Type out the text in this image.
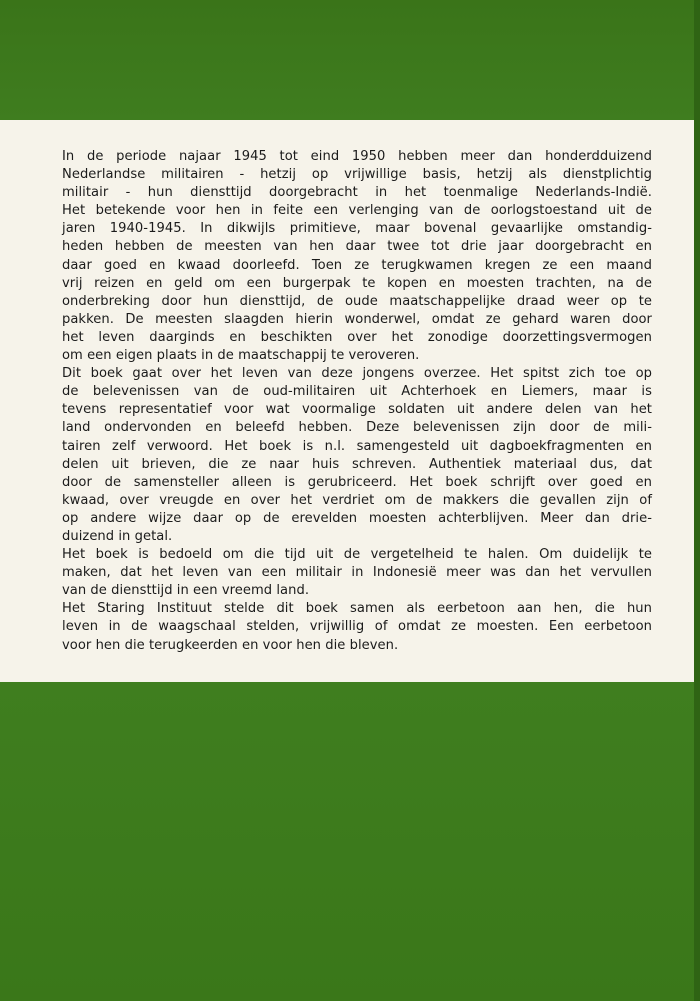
In de periode najaar 1945 tot eind 1950 hebben meer dan honderdduizend
Nederlandse militairen - hetzij op vrijwillige basis, hetzij als dienstplichtig
militair - hun diensttijd doorgebracht in het toenmalige Nederlands-Indië.
Het betekende voor hen in feite een verlenging van de oorlogstoestand uit de
jaren 1940-1945. In dikwijls primitieve, maar bovenal gevaarlijke omstandig-
heden hebben de meesten van hen daar twee tot drie jaar doorgebracht en
daar goed en kwaad doorleefd. Toen ze terugkwamen kregen ze een maand
vrij reizen en geld om een burgerpak te kopen en moesten trachten, na de
onderbreking door hun diensttijd, de oude maatschappelijke draad weer op te
pakken. De meesten slaagden hierin wonderwel, omdat ze gehard waren door
het leven daarginds en beschikten over het zonodige doorzettingsvermogen
om een eigen plaats in de maatschappij te veroveren.
Dit boek gaat over het leven van deze jongens overzee. Het spitst zich toe op
de belevenissen van de oud-militairen uit Achterhoek en Liemers, maar is
tevens representatief voor wat voormalige soldaten uit andere delen van het
land ondervonden en beleefd hebben. Deze belevenissen zijn door de mili-
tairen zelf verwoord. Het boek is n.l. samengesteld uit dagboekfragmenten en
delen uit brieven, die ze naar huis schreven. Authentiek materiaal dus, dat
door de samensteller alleen is gerubriceerd. Het boek schrijft over goed en
kwaad, over vreugde en over het verdriet om de makkers die gevallen zijn of
op andere wijze daar op de erevelden moesten achterblijven. Meer dan drie-
duizend in getal.
Het boek is bedoeld om die tijd uit de vergetelheid te halen. Om duidelijk te
maken, dat het leven van een militair in Indonesië meer was dan het vervullen
van de diensttijd in een vreemd land.
Het Staring Instituut stelde dit boek samen als eerbetoon aan hen, die hun
leven in de waagschaal stelden, vrijwillig of omdat ze moesten. Een eerbetoon
voor hen die terugkeerden en voor hen die bleven.
